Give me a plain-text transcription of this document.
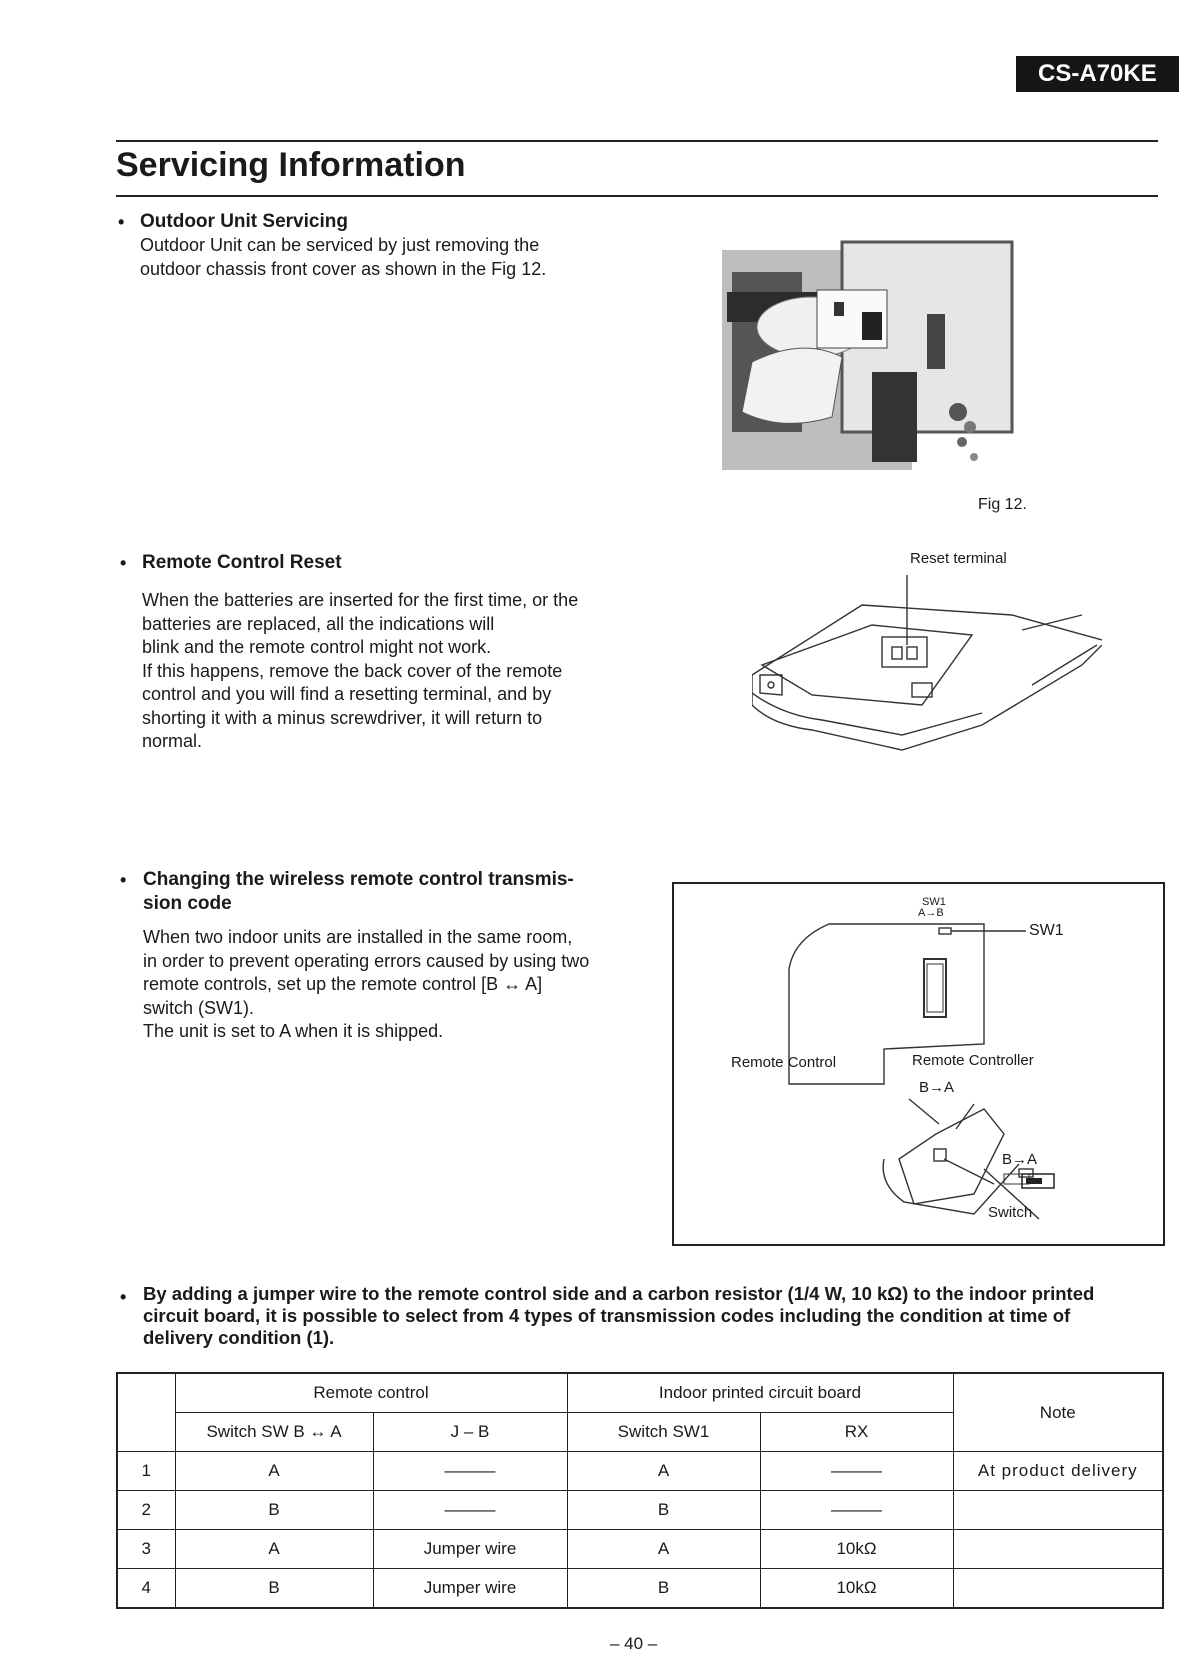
CS-A70KE
Servicing Information
• Outdoor Unit Servicing
Outdoor Unit can be serviced by just removing the
outdoor chassis front cover as shown in the Fig 12.
Fig 12.
• Remote Control Reset
When the batteries are inserted for the first time, or the
batteries are replaced, all the indications will
blink and the remote control might not work.
If this happens, remove the back cover of the remote
control and you will find a resetting terminal, and by
shorting it with a minus screwdriver, it will return to
normal.
Reset terminal
• Changing the wireless remote control transmis-
sion code
When two indoor units are installed in the same room,
in order to prevent operating errors caused by using two
remote controls, set up the remote control [B ↔ A]
switch (SW1).
The unit is set to A when it is shipped.
SW1
A→B
SW1
Remote Control	Remote Controller
B→A
B→A
Switch
• By adding a jumper wire to the remote control side and a carbon resistor (1/4 W, 10 kΩ) to the indoor printed
circuit board, it is possible to select from 4 types of transmission codes including the condition at time of
delivery condition (1).
	Remote control		Indoor printed circuit board		Note
	Switch SW B ↔ A	J – B	Switch SW1	RX	
1	A	———	A	———	At product delivery
2	B	———	B	———	
3	A	Jumper wire	A	10kΩ	
4	B	Jumper wire	B	10kΩ	
– 40 –
